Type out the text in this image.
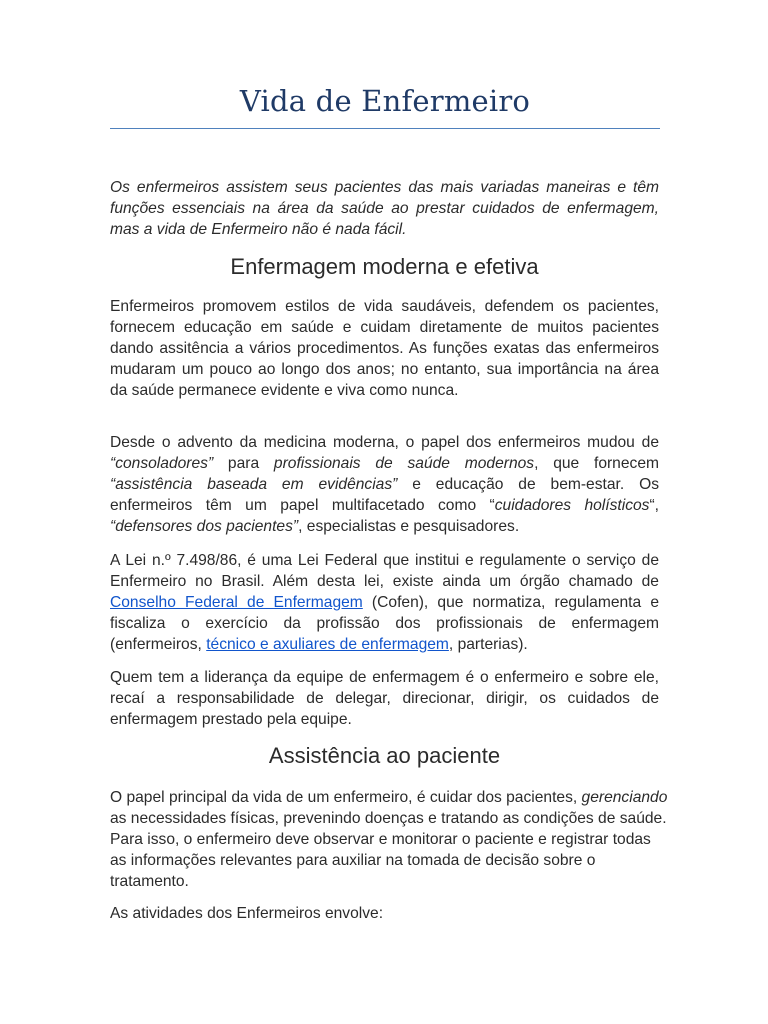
Vida de Enfermeiro

Os enfermeiros assistem seus pacientes das mais variadas maneiras e têm funções essenciais na área da saúde ao prestar cuidados de enfermagem, mas a vida de Enfermeiro não é nada fácil.

Enfermagem moderna e efetiva

Enfermeiros promovem estilos de vida saudáveis, defendem os pacientes, fornecem educação em saúde e cuidam diretamente de muitos pacientes dando assitência a vários procedimentos. As funções exatas das enfermeiros mudaram um pouco ao longo dos anos; no entanto, sua importância na área da saúde permanece evidente e viva como nunca.

Desde o advento da medicina moderna, o papel dos enfermeiros mudou de “consoladores” para profissionais de saúde modernos, que fornecem “assistência baseada em evidências” e educação de bem-estar. Os enfermeiros têm um papel multifacetado como “cuidadores holísticos“, “defensores dos pacientes”, especialistas e pesquisadores.

A Lei n.º 7.498/86, é uma Lei Federal que institui e regulamente o serviço de Enfermeiro no Brasil. Além desta lei, existe ainda um órgão chamado de Conselho Federal de Enfermagem (Cofen), que normatiza, regulamenta e fiscaliza o exercício da profissão dos profissionais de enfermagem (enfermeiros, técnico e axuliares de enfermagem, parterias).

Quem tem a liderança da equipe de enfermagem é o enfermeiro e sobre ele, recaí a responsabilidade de delegar, direcionar, dirigir, os cuidados de enfermagem prestado pela equipe.

Assistência ao paciente

O papel principal da vida de um enfermeiro, é cuidar dos pacientes, gerenciando as necessidades físicas, prevenindo doenças e tratando as condições de saúde. Para isso, o enfermeiro deve observar e monitorar o paciente e registrar todas as informações relevantes para auxiliar na tomada de decisão sobre o tratamento.

As atividades dos Enfermeiros envolve:
